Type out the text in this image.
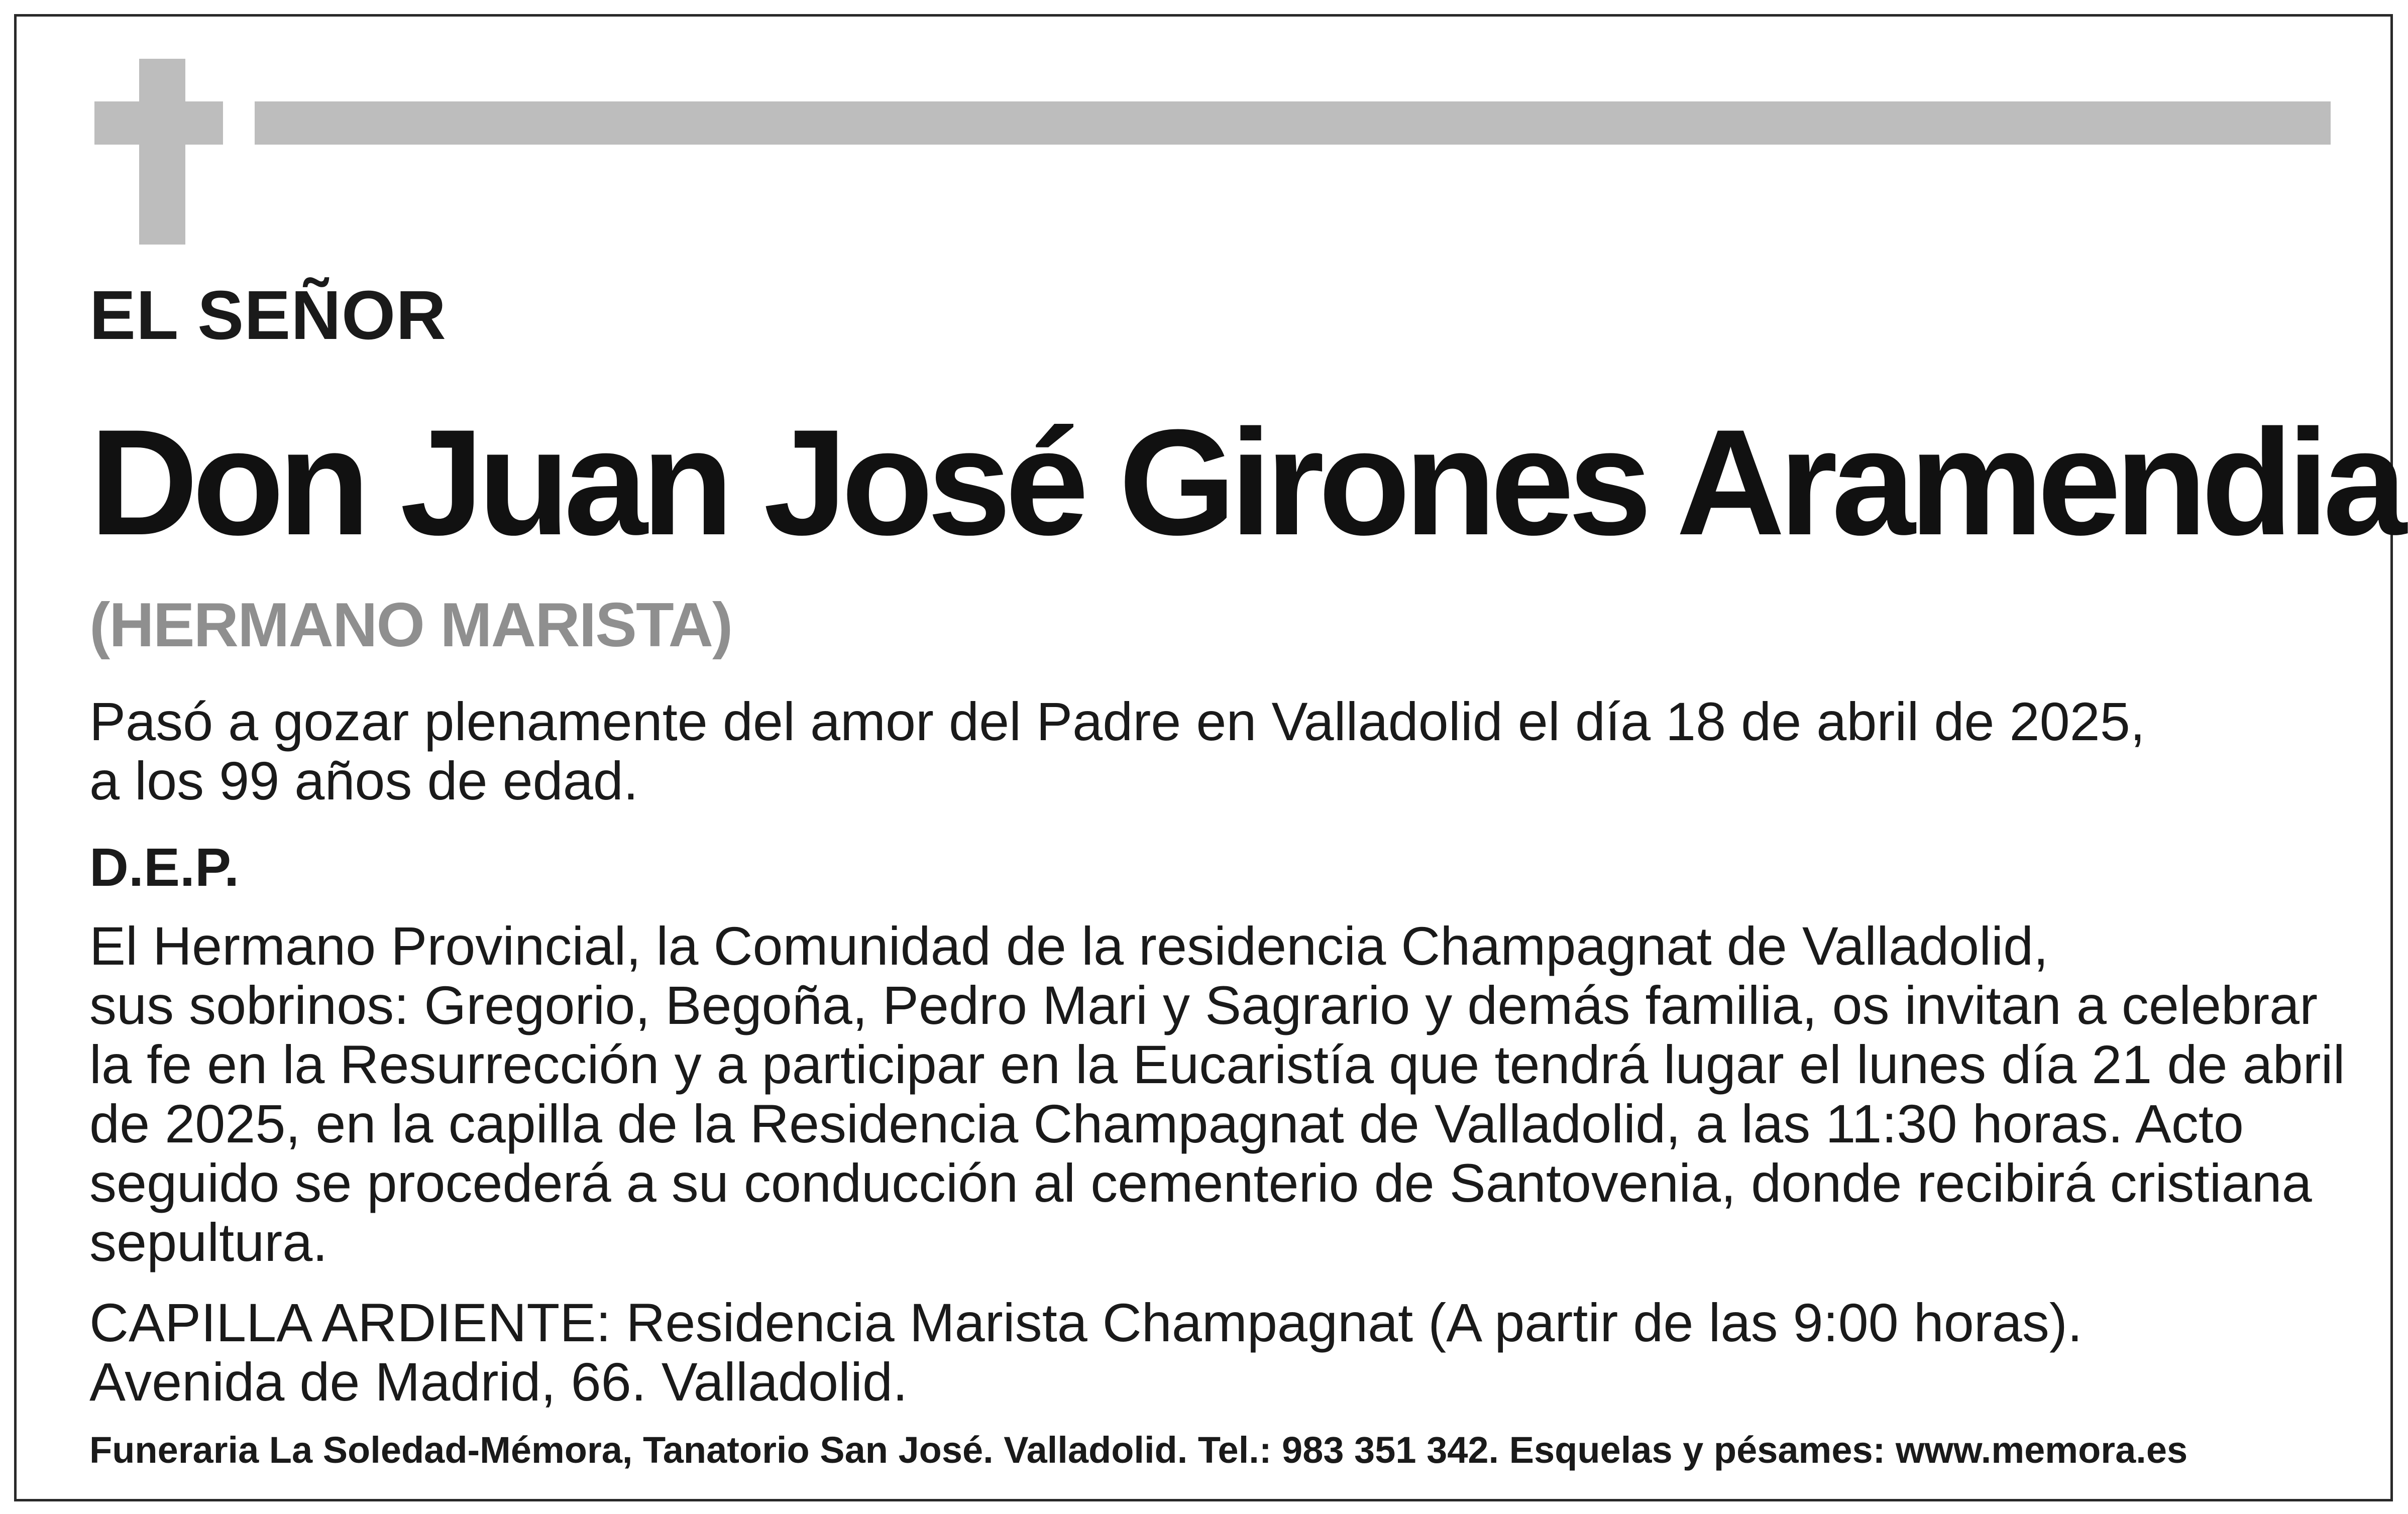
EL SEÑOR
Don Juan José Girones Aramendia
(HERMANO MARISTA)
Pasó a gozar plenamente del amor del Padre en Valladolid el día 18 de abril de 2025,
a los 99 años de edad.
D.E.P.
El Hermano Provincial, la Comunidad de la residencia Champagnat de Valladolid,
sus sobrinos: Gregorio, Begoña, Pedro Mari y Sagrario y demás familia, os invitan a celebrar
la fe en la Resurrección y a participar en la Eucaristía que tendrá lugar el lunes día 21 de abril
de 2025, en la capilla de la Residencia Champagnat de Valladolid, a las 11:30 horas. Acto
seguido se procederá a su conducción al cementerio de Santovenia, donde recibirá cristiana
sepultura.
CAPILLA ARDIENTE: Residencia Marista Champagnat (A partir de las 9:00 horas).
Avenida de Madrid, 66. Valladolid.
Funeraria La Soledad-Mémora, Tanatorio San José. Valladolid. Tel.: 983 351 342. Esquelas y pésames: www.memora.es
